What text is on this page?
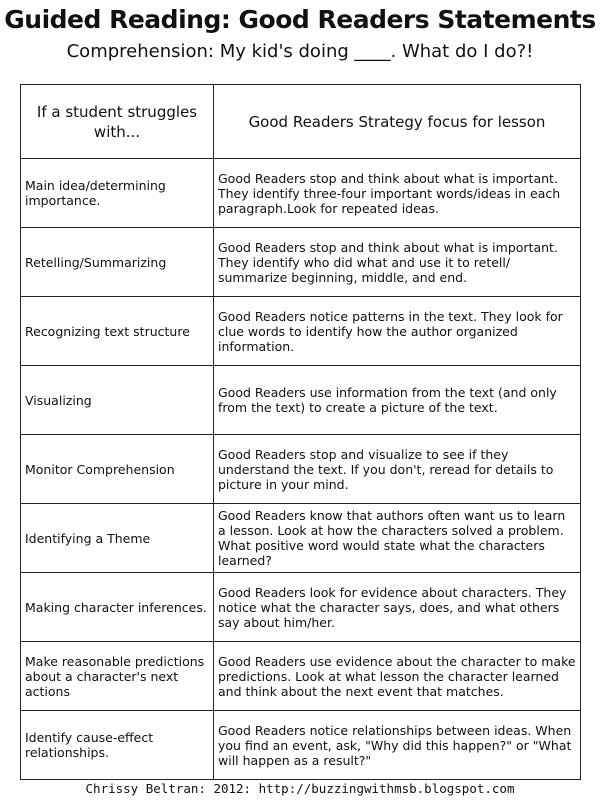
Guided Reading: Good Readers Statements
Comprehension: My kid's doing ____. What do I do?!
If a student struggles with...	Good Readers Strategy focus for lesson
Main idea/determining importance.	Good Readers stop and think about what is important. They identify three-four important words/ideas in each paragraph.Look for repeated ideas.
Retelling/Summarizing	Good Readers stop and think about what is important. They identify who did what and use it to retell/ summarize beginning, middle, and end.
Recognizing text structure	Good Readers notice patterns in the text. They look for clue words to identify how the author organized information.
Visualizing	Good Readers use information from the text (and only from the text) to create a picture of the text.
Monitor Comprehension	Good Readers stop and visualize to see if they understand the text. If you don't, reread for details to picture in your mind.
Identifying a Theme	Good Readers know that authors often want us to learn a lesson. Look at how the characters solved a problem. What positive word would state what the characters learned?
Making character inferences.	Good Readers look for evidence about characters. They notice what the character says, does, and what others say about him/her.
Make reasonable predictions about a character's next actions	Good Readers use evidence about the character to make predictions. Look at what lesson the character learned and think about the next event that matches.
Identify cause-effect relationships.	Good Readers notice relationships between ideas. When you find an event, ask, "Why did this happen?" or "What will happen as a result?"
Chrissy Beltran: 2012: http://buzzingwithmsb.blogspot.com
